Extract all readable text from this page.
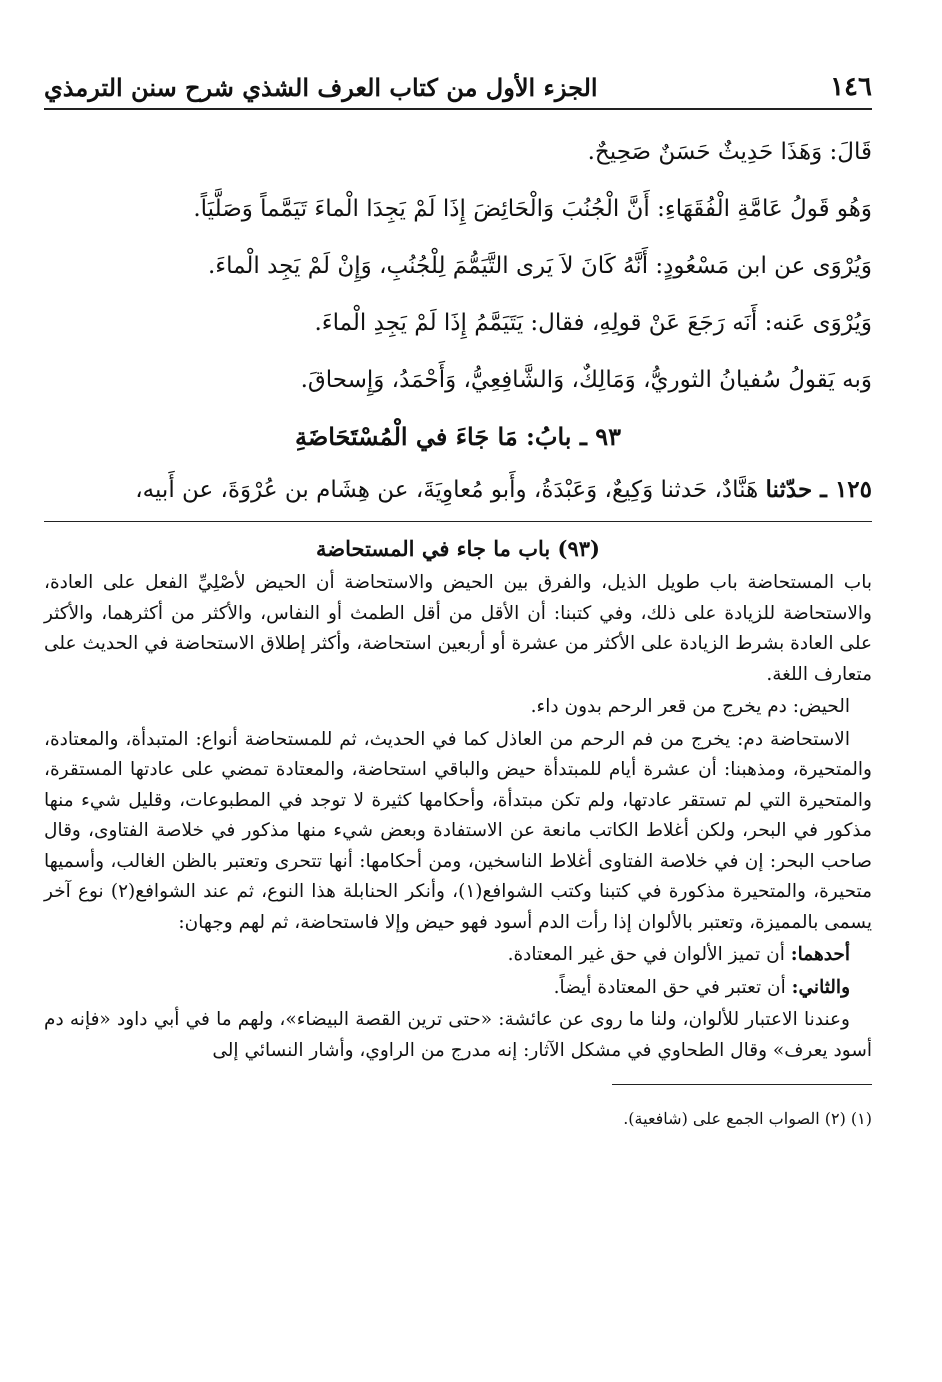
١٤٦
الجزء الأول من كتاب العرف الشذي شرح سنن الترمذي

قَالَ: وَهَذَا حَدِيثٌ حَسَنٌ صَحِيحٌ.

وَهُو قَولُ عَامَّةِ الْفُقَهَاءِ: أَنَّ الْجُنُبَ وَالْحَائِضَ إِذَا لَمْ يَجِدَا الْماءَ تَيَمَّماً وَصَلَّيَاً.

وَيُرْوَى عن ابن مَسْعُودٍ: أَنَّهُ كَانَ لاَ يَرى التَّيَمُّمَ لِلْجُنُبِ، وَإِنْ لَمْ يَجِد الْماءَ.

وَيُرْوَى عَنه: أَنَه رَجَعَ عَنْ قولِهِ، فقال: يَتَيَمَّمُ إِذَا لَمْ يَجِدِ الْماءَ.

وَبه يَقولُ سُفيانُ الثوريُّ، وَمَالِكٌ، وَالشَّافِعِيُّ، وَأَحْمَدُ، وَإِسحاقَ.

٩٣ ـ بابُ: مَا جَاءَ في الْمُسْتَحَاضَةِ

١٢٥ ـ حدّثنا هَنَّادٌ، حَدثنا وَكِيعٌ، وَعَبْدَةُ، وأَبو مُعاوِيَةَ، عن هِشَام بن عُرْوَةَ، عن أَبيه،

(٩٣) باب ما جاء في المستحاضة

باب المستحاضة باب طويل الذيل، والفرق بين الحيض والاستحاضة أن الحيض لأصْلِيِّ الفعل على العادة، والاستحاضة للزيادة على ذلك، وفي كتبنا: أن الأقل من أقل الطمث أو النفاس، والأكثر من أكثرهما، والأكثر على العادة بشرط الزيادة على الأكثر من عشرة أو أربعين استحاضة، وأكثر إطلاق الاستحاضة في الحديث على متعارف اللغة.

الحيض: دم يخرج من قعر الرحم بدون داء.

الاستحاضة دم: يخرج من فم الرحم من العاذل كما في الحديث، ثم للمستحاضة أنواع: المتبدأة، والمعتادة، والمتحيرة، ومذهبنا: أن عشرة أيام للمبتدأة حيض والباقي استحاضة، والمعتادة تمضي على عادتها المستقرة، والمتحيرة التي لم تستقر عادتها، ولم تكن مبتدأة، وأحكامها كثيرة لا توجد في المطبوعات، وقليل شيء منها مذكور في البحر، ولكن أغلاط الكاتب مانعة عن الاستفادة وبعض شيء منها مذكور في خلاصة الفتاوى، وقال صاحب البحر: إن في خلاصة الفتاوى أغلاط الناسخين، ومن أحكامها: أنها تتحرى وتعتبر بالظن الغالب، وأسميها متحيرة، والمتحيرة مذكورة في كتبنا وكتب الشوافع(١)، وأنكر الحنابلة هذا النوع، ثم عند الشوافع(٢) نوع آخر يسمى بالمميزة، وتعتبر بالألوان إذا رأت الدم أسود فهو حيض وإلا فاستحاضة، ثم لهم وجهان:

أحدهما: أن تميز الألوان في حق غير المعتادة.

والثاني: أن تعتبر في حق المعتادة أيضاً.

وعندنا الاعتبار للألوان، ولنا ما روى عن عائشة: «حتى ترين القصة البيضاء»، ولهم ما في أبي داود «فإنه دم أسود يعرف» وقال الطحاوي في مشكل الآثار: إنه مدرج من الراوي، وأشار النسائي إلى

(١) (٢) الصواب الجمع على (شافعية).
